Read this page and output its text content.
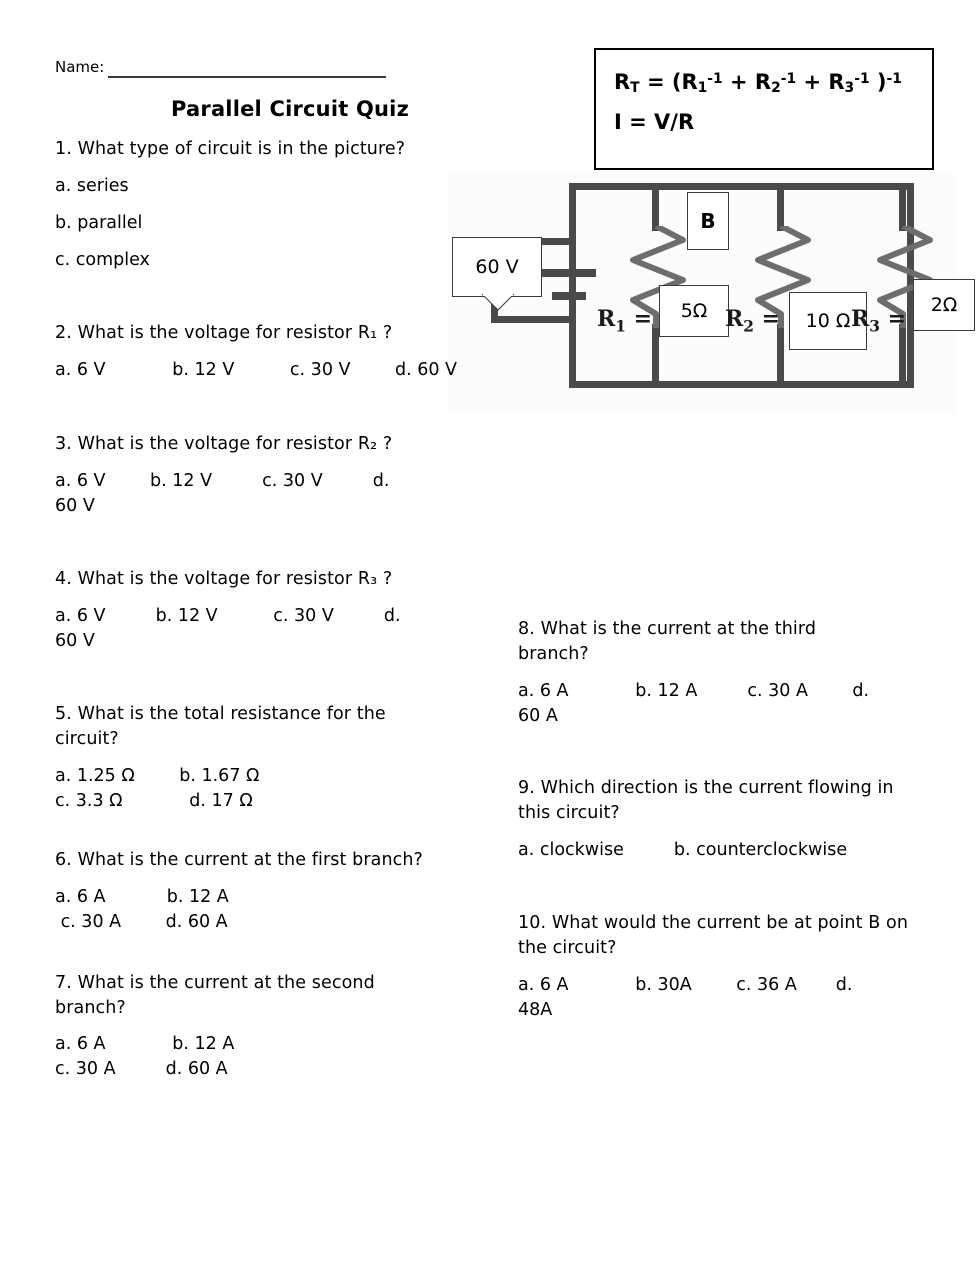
Name:
Parallel Circuit Quiz
$R_T = (R_1^{-1} + R_2^{-1} + R_3^{-1}$ )$^{-1}$
I = V/R
60 V
B
$R_1 = 5\Omega$ $R_2 = 10$ Ω $R_3$ =
2Ω
1. What type of circuit is in the picture?
a. series
b. parallel
c. complex
2. What is the voltage for resistor R₁ ?
a. 6 V            b. 12 V          c. 30 V        d. 60 V
3. What is the voltage for resistor R₂ ?
a. 6 V        b. 12 V         c. 30 V         d.
60 V
4. What is the voltage for resistor R₃ ?
a. 6 V         b. 12 V          c. 30 V         d.
60 V
5. What is the total resistance for the circuit?
a. 1.25 Ω        b. 1.67 Ω
c. 3.3 Ω            d. 17 Ω
6. What is the current at the first branch?
a. 6 A           b. 12 A
c. 30 A        d. 60 A
7. What is the current at the second branch?
a. 6 A            b. 12 A
c. 30 A         d. 60 A
8. What is the current at the third branch?
a. 6 A            b. 12 A         c. 30 A        d.
60 A
9. Which direction is the current flowing in this circuit?
a. clockwise         b. counterclockwise
10. What would the current be at point B on the circuit?
a. 6 A            b. 30A        c. 36 A       d.
48A
